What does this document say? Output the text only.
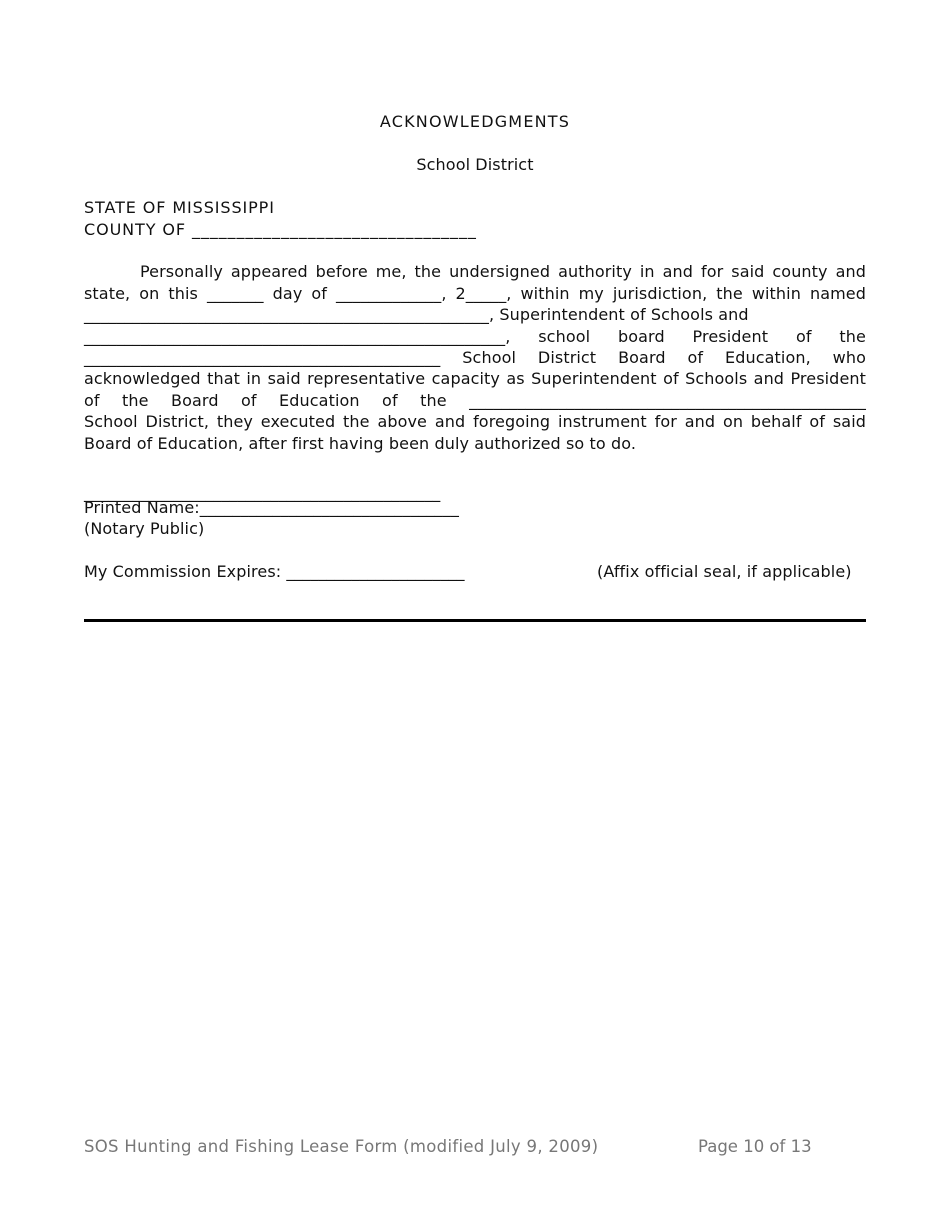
ACKNOWLEDGMENTS
School District
STATE OF MISSISSIPPI
COUNTY OF ________________________________
Personally appeared before me, the undersigned authority in and for said county and
state, on this _______ day of _____________, 2_____, within my jurisdiction, the within named
__________________________________________________, Superintendent of Schools and
____________________________________________________, school board President of the
____________________________________________ School District Board of Education, who
acknowledged that in said representative capacity as Superintendent of Schools and President
of the Board of Education of the _________________________________________________
School District, they executed the above and foregoing instrument for and on behalf of said
Board of Education, after first having been duly authorized so to do.
____________________________________________
Printed Name:________________________________
(Notary Public)
My Commission Expires: ______________________	(Affix official seal, if applicable)
SOS Hunting and Fishing Lease Form (modified July 9, 2009)	Page 10 of 13
